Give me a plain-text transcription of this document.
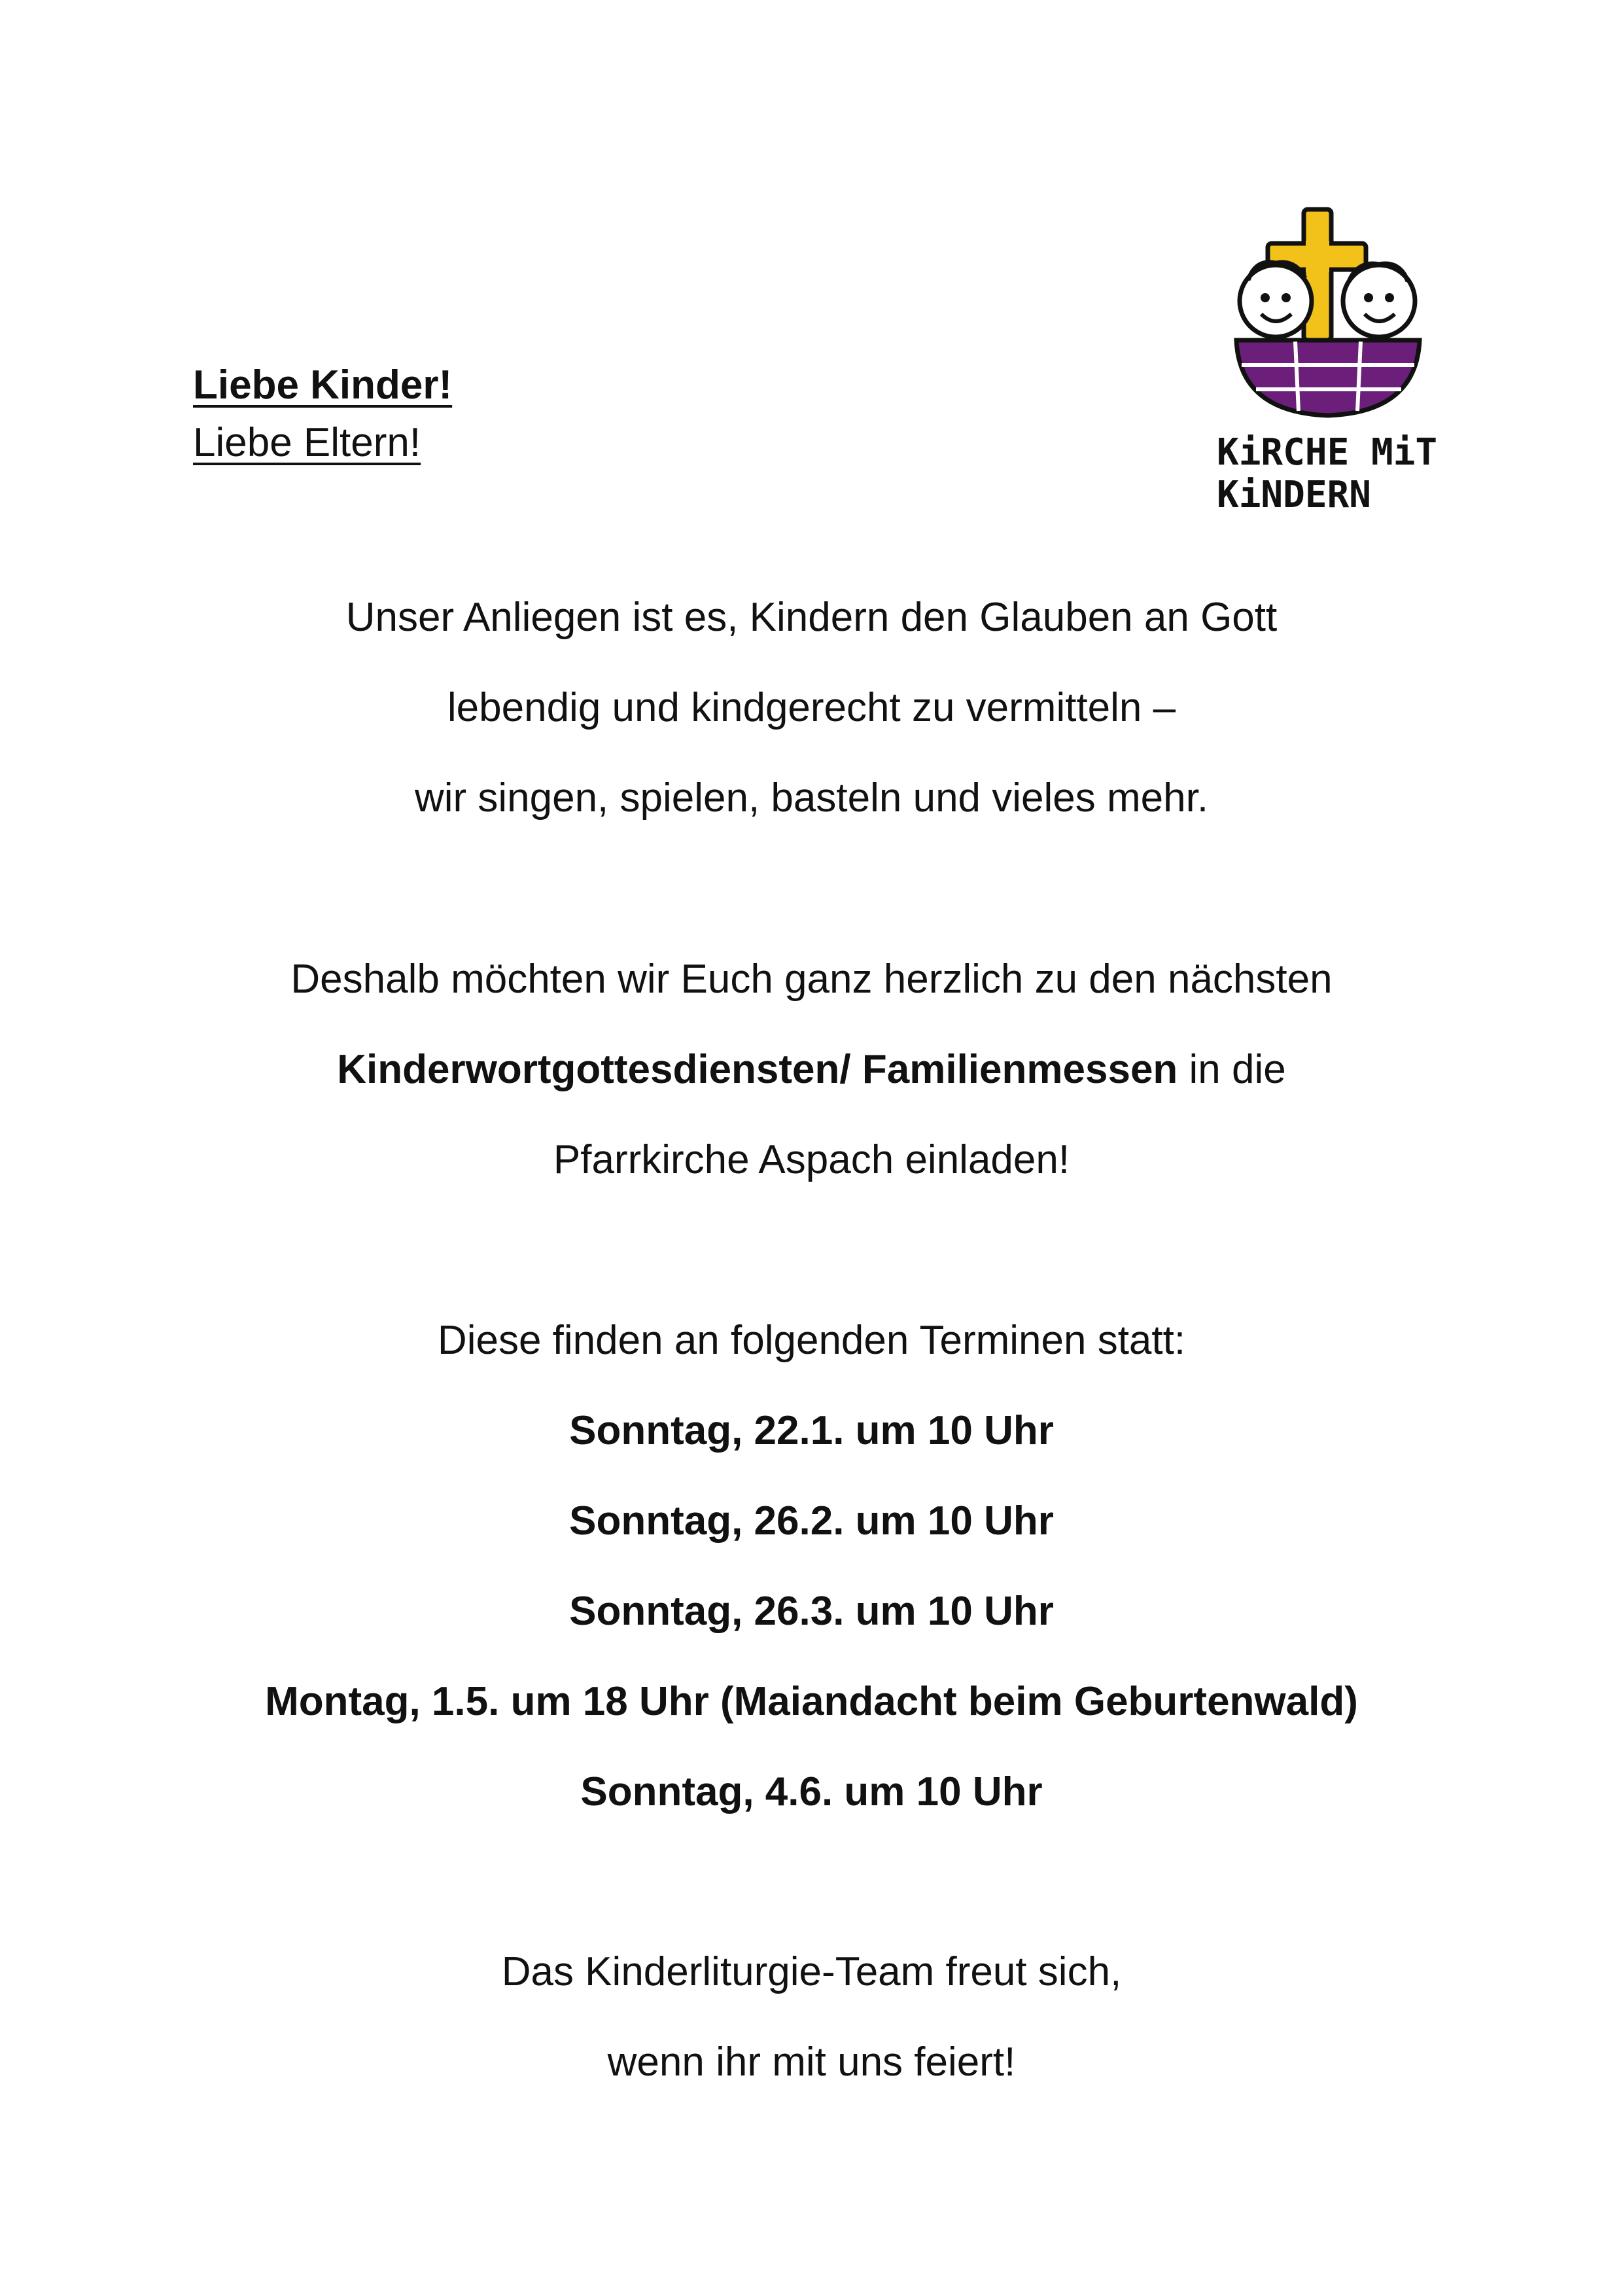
Liebe Kinder!
Liebe Eltern!	KiRCHE MiT
KiNDERN
Unser Anliegen ist es, Kindern den Glauben an Gott
lebendig und kindgerecht zu vermitteln –
wir singen, spielen, basteln und vieles mehr.
Deshalb möchten wir Euch ganz herzlich zu den nächsten
Kinderwortgottesdiensten/ Familienmessen in die
Pfarrkirche Aspach einladen!
Diese finden an folgenden Terminen statt:
Sonntag, 22.1. um 10 Uhr
Sonntag, 26.2. um 10 Uhr
Sonntag, 26.3. um 10 Uhr
Montag, 1.5. um 18 Uhr (Maiandacht beim Geburtenwald)
Sonntag, 4.6. um 10 Uhr
Das Kinderliturgie-Team freut sich,
wenn ihr mit uns feiert!
